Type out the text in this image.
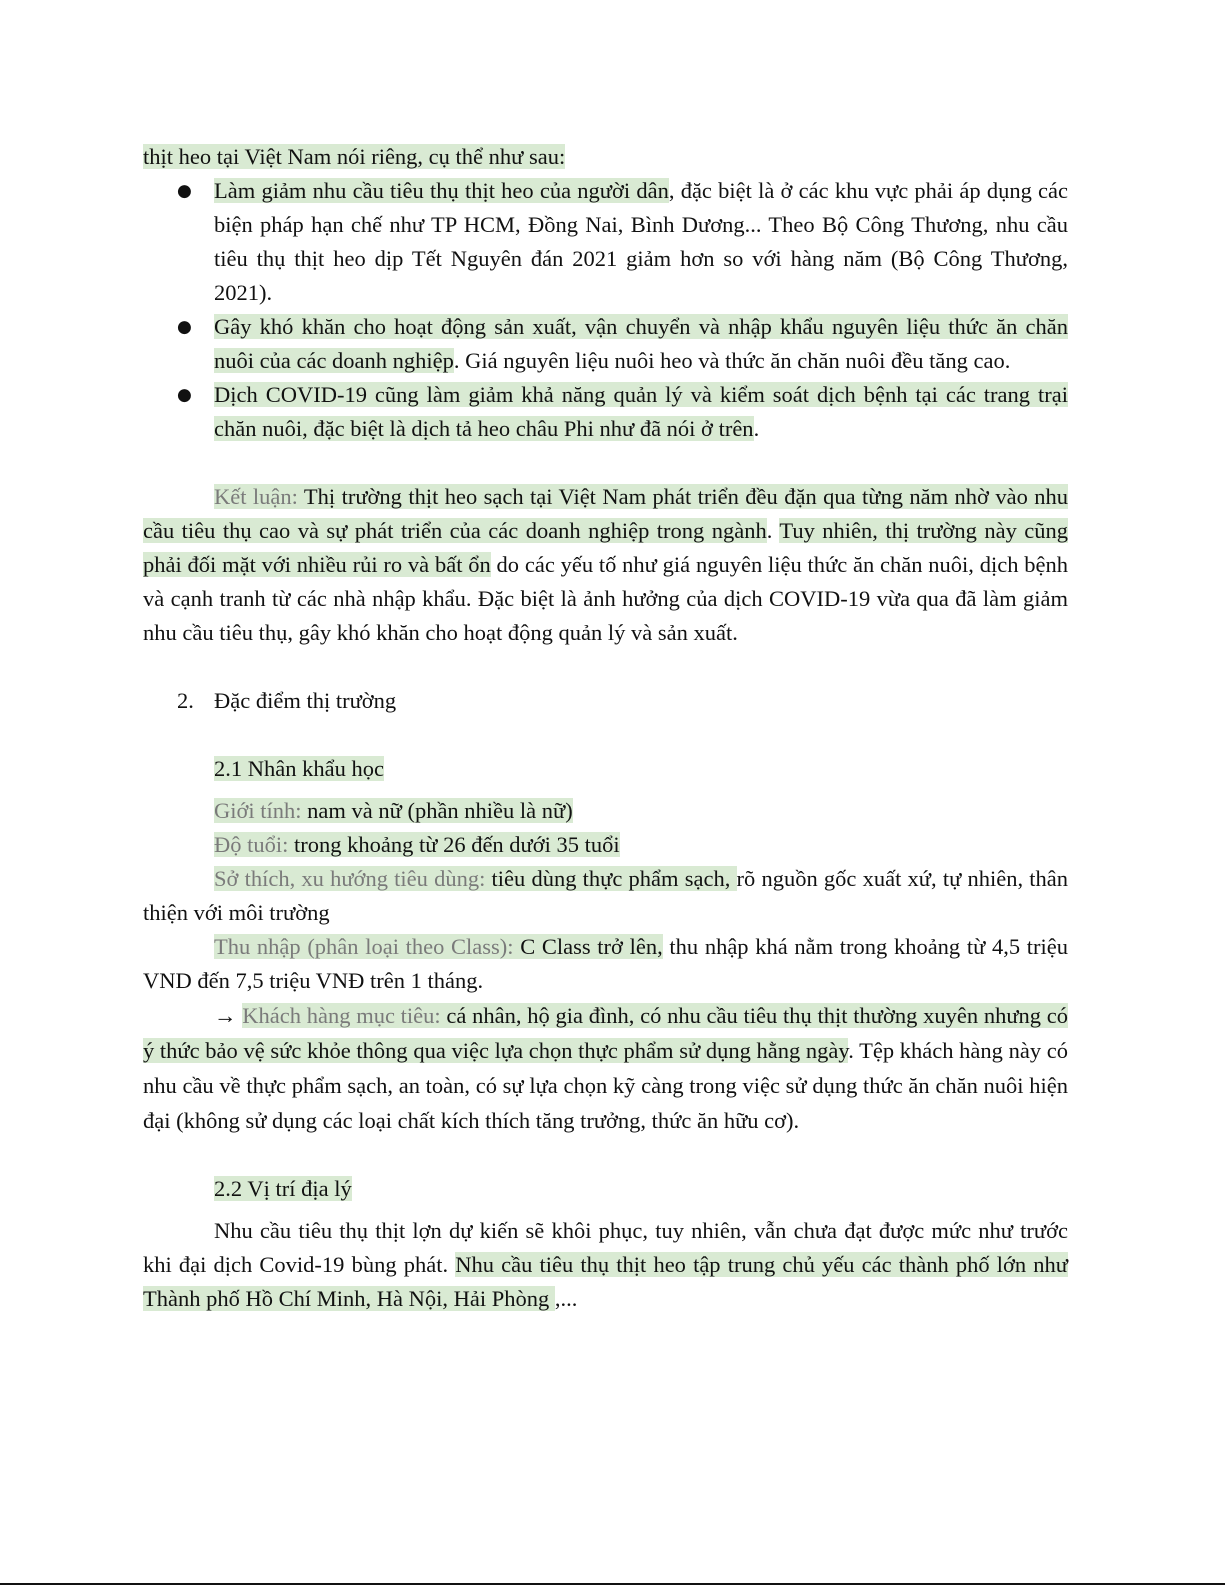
thịt heo tại Việt Nam nói riêng, cụ thể như sau:

● Làm giảm nhu cầu tiêu thụ thịt heo của người dân, đặc biệt là ở các khu vực phải áp dụng các biện pháp hạn chế như TP HCM, Đồng Nai, Bình Dương... Theo Bộ Công Thương, nhu cầu tiêu thụ thịt heo dịp Tết Nguyên đán 2021 giảm hơn so với hàng năm (Bộ Công Thương, 2021).
● Gây khó khăn cho hoạt động sản xuất, vận chuyển và nhập khẩu nguyên liệu thức ăn chăn nuôi của các doanh nghiệp. Giá nguyên liệu nuôi heo và thức ăn chăn nuôi đều tăng cao.
● Dịch COVID-19 cũng làm giảm khả năng quản lý và kiểm soát dịch bệnh tại các trang trại chăn nuôi, đặc biệt là dịch tả heo châu Phi như đã nói ở trên.

Kết luận: Thị trường thịt heo sạch tại Việt Nam phát triển đều đặn qua từng năm nhờ vào nhu cầu tiêu thụ cao và sự phát triển của các doanh nghiệp trong ngành. Tuy nhiên, thị trường này cũng phải đối mặt với nhiều rủi ro và bất ổn do các yếu tố như giá nguyên liệu thức ăn chăn nuôi, dịch bệnh và cạnh tranh từ các nhà nhập khẩu. Đặc biệt là ảnh hưởng của dịch COVID-19 vừa qua đã làm giảm nhu cầu tiêu thụ, gây khó khăn cho hoạt động quản lý và sản xuất.

2. Đặc điểm thị trường

2.1 Nhân khẩu học

Giới tính: nam và nữ (phần nhiều là nữ)

Độ tuổi: trong khoảng từ 26 đến dưới 35 tuổi

Sở thích, xu hướng tiêu dùng: tiêu dùng thực phẩm sạch, rõ nguồn gốc xuất xứ, tự nhiên, thân thiện với môi trường

Thu nhập (phân loại theo Class): C Class trở lên, thu nhập khá nằm trong khoảng từ 4,5 triệu VND đến 7,5 triệu VNĐ trên 1 tháng.

→ Khách hàng mục tiêu: cá nhân, hộ gia đình, có nhu cầu tiêu thụ thịt thường xuyên nhưng có ý thức bảo vệ sức khỏe thông qua việc lựa chọn thực phẩm sử dụng hằng ngày. Tệp khách hàng này có nhu cầu về thực phẩm sạch, an toàn, có sự lựa chọn kỹ càng trong việc sử dụng thức ăn chăn nuôi hiện đại (không sử dụng các loại chất kích thích tăng trưởng, thức ăn hữu cơ).

2.2 Vị trí địa lý

Nhu cầu tiêu thụ thịt lợn dự kiến sẽ khôi phục, tuy nhiên, vẫn chưa đạt được mức như trước khi đại dịch Covid-19 bùng phát. Nhu cầu tiêu thụ thịt heo tập trung chủ yếu các thành phố lớn như Thành phố Hồ Chí Minh, Hà Nội, Hải Phòng ,...
